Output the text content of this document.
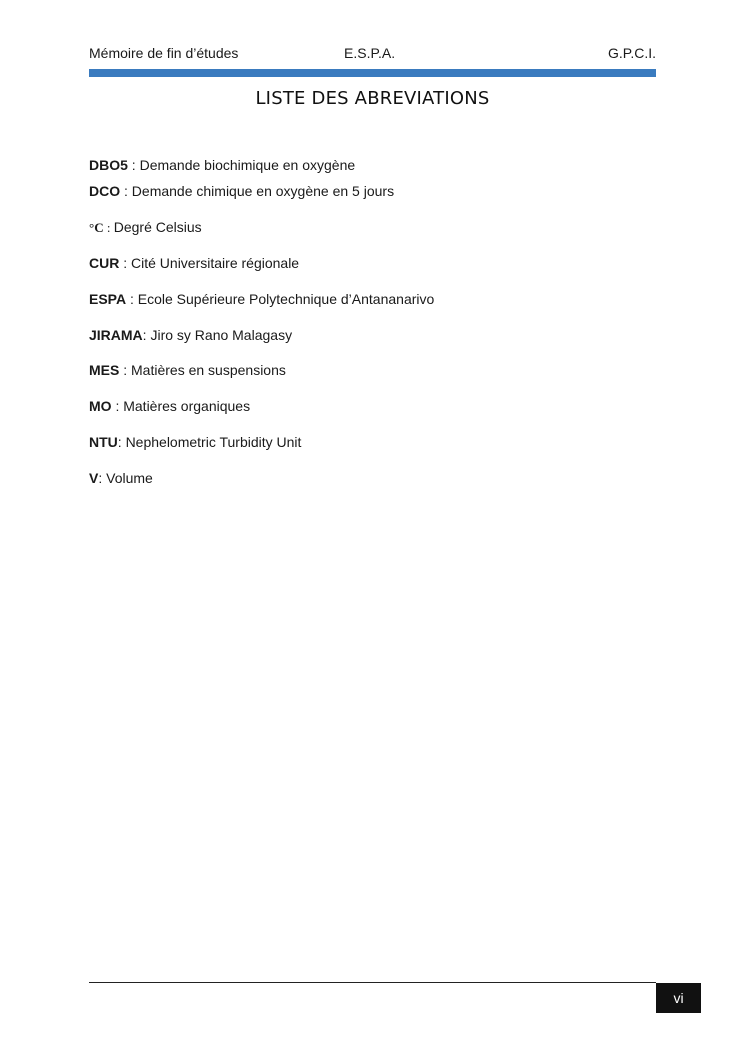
Mémoire de fin d’études	E.S.P.A.	G.P.C.I.
LISTE DES ABREVIATIONS
DBO5 : Demande biochimique en oxygène
DCO : Demande chimique en oxygène en 5 jours
°C : Degré Celsius
CUR : Cité Universitaire régionale
ESPA : Ecole Supérieure Polytechnique d’Antananarivo
JIRAMA: Jiro sy Rano Malagasy
MES : Matières en suspensions
MO : Matières organiques
NTU: Nephelometric Turbidity Unit
V: Volume
vi
